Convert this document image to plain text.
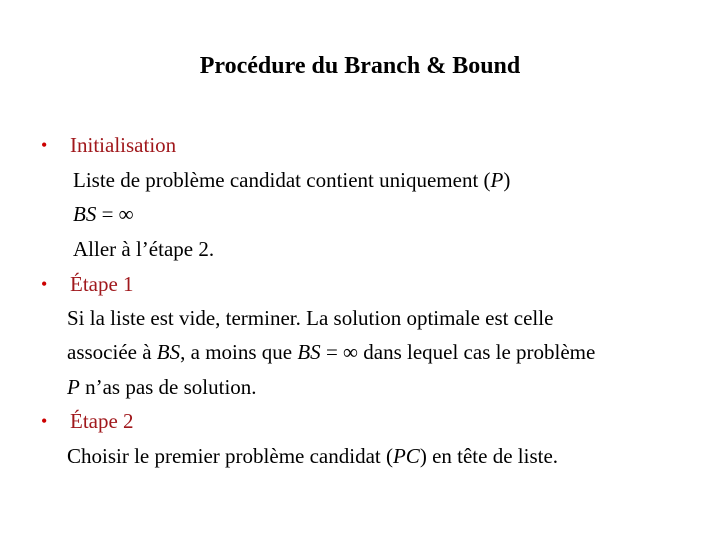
Procédure du Branch & Bound
• Initialisation
Liste de problème candidat contient uniquement (P)
BS = ∞
Aller à l’étape 2.
• Étape 1
Si la liste est vide, terminer. La solution optimale est celle
associée à BS, a moins que BS = ∞ dans lequel cas le problème
P n’as pas de solution.
• Étape 2
Choisir le premier problème candidat (PC) en tête de liste.
